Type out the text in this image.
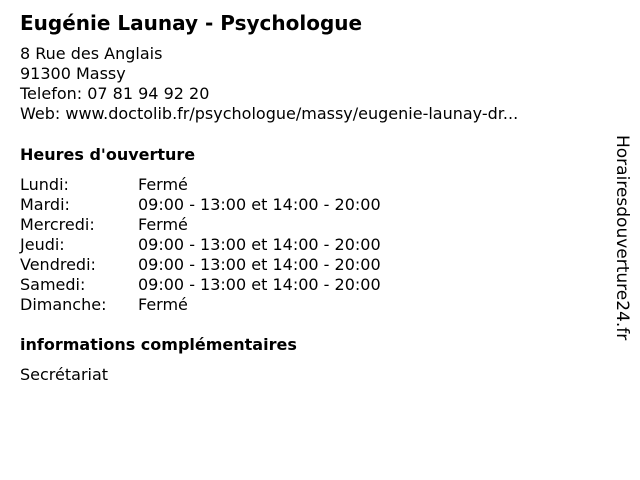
Eugénie Launay - Psychologue
8 Rue des Anglais
91300 Massy
Telefon: 07 81 94 92 20
Web: www.doctolib.fr/psychologue/massy/eugenie-launay-dr...
Heures d'ouverture
Lundi:	Fermé
Mardi:	09:00 - 13:00 et 14:00 - 20:00
Mercredi:	Fermé
Jeudi:	09:00 - 13:00 et 14:00 - 20:00
Vendredi:	09:00 - 13:00 et 14:00 - 20:00
Samedi:	09:00 - 13:00 et 14:00 - 20:00
Dimanche:	Fermé
informations complémentaires
Secrétariat
Horairesdouverture24.fr
